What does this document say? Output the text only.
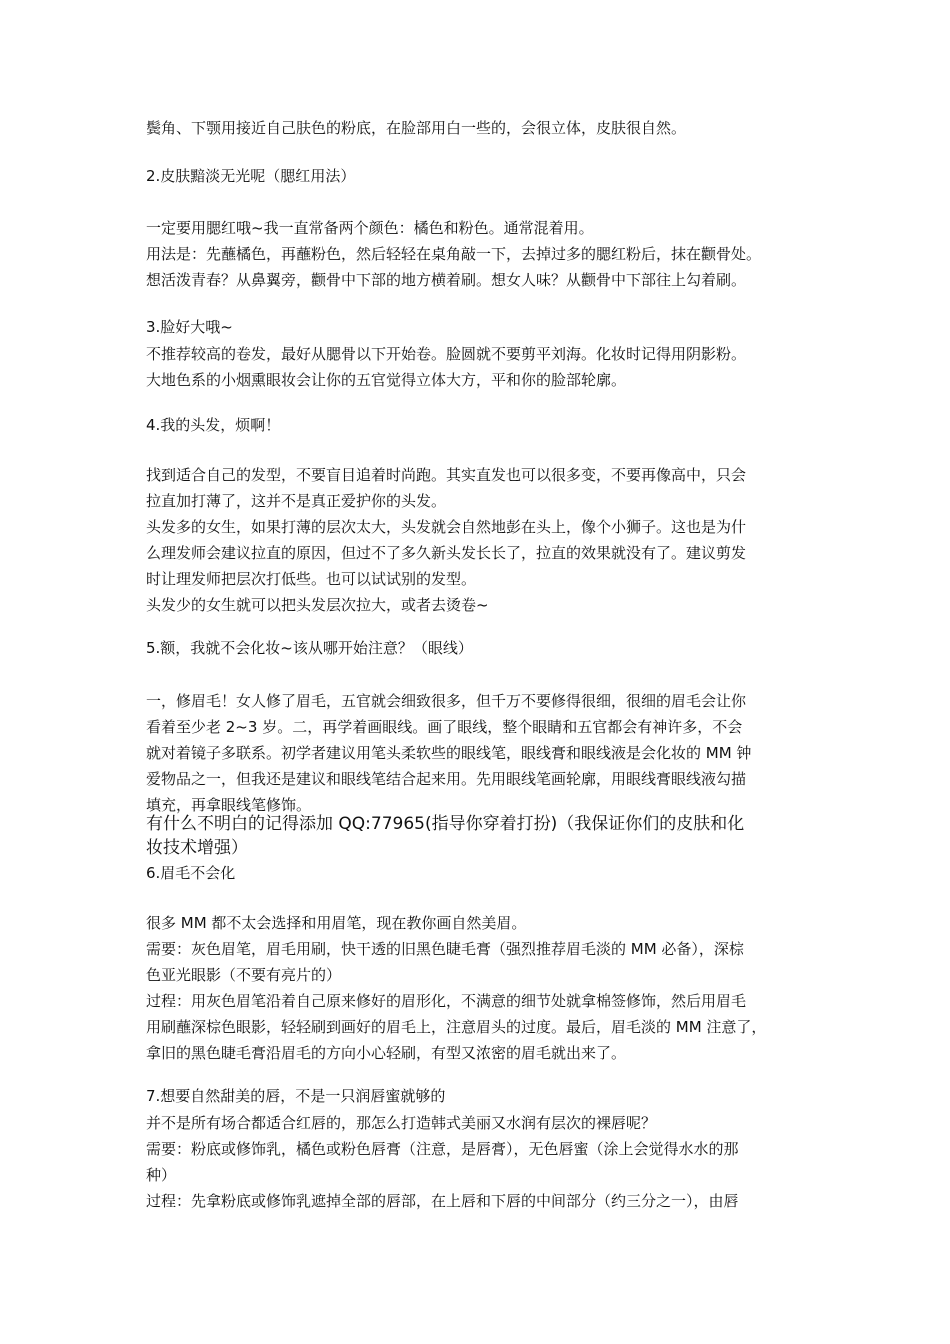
鬓角、下颚用接近自己肤色的粉底，在脸部用白一些的，会很立体，皮肤很自然。

2.皮肤黯淡无光呢（腮红用法）

一定要用腮红哦~我一直常备两个颜色：橘色和粉色。通常混着用。
用法是：先蘸橘色，再蘸粉色，然后轻轻在桌角敲一下，去掉过多的腮红粉后，抹在颧骨处。
想活泼青春？从鼻翼旁，颧骨中下部的地方横着刷。想女人味？从颧骨中下部往上勾着刷。

3.脸好大哦~

不推荐较高的卷发，最好从腮骨以下开始卷。脸圆就不要剪平刘海。化妆时记得用阴影粉。
大地色系的小烟熏眼妆会让你的五官觉得立体大方，平和你的脸部轮廓。

4.我的头发，烦啊！

找到适合自己的发型，不要盲目追着时尚跑。其实直发也可以很多变，不要再像高中，只会
拉直加打薄了，这并不是真正爱护你的头发。
头发多的女生，如果打薄的层次太大，头发就会自然地彭在头上，像个小狮子。这也是为什
么理发师会建议拉直的原因，但过不了多久新头发长长了，拉直的效果就没有了。建议剪发
时让理发师把层次打低些。也可以试试别的发型。
头发少的女生就可以把头发层次拉大，或者去烫卷~

5.额，我就不会化妆~该从哪开始注意？（眼线）

一，修眉毛！女人修了眉毛，五官就会细致很多，但千万不要修得很细，很细的眉毛会让你
看着至少老 2~3 岁。二，再学着画眼线。画了眼线，整个眼睛和五官都会有神许多，不会
就对着镜子多联系。初学者建议用笔头柔软些的眼线笔，眼线膏和眼线液是会化妆的 MM 钟
爱物品之一，但我还是建议和眼线笔结合起来用。先用眼线笔画轮廓，用眼线膏眼线液勾描
填充，再拿眼线笔修饰。
有什么不明白的记得添加 QQ:77965(指导你穿着打扮)（我保证你们的皮肤和化
妆技术增强）

6.眉毛不会化

很多 MM 都不太会选择和用眉笔，现在教你画自然美眉。
需要：灰色眉笔，眉毛用刷，快干透的旧黑色睫毛膏（强烈推荐眉毛淡的 MM 必备），深棕
色亚光眼影（不要有亮片的）
过程：用灰色眉笔沿着自己原来修好的眉形化，不满意的细节处就拿棉签修饰，然后用眉毛
用刷蘸深棕色眼影，轻轻刷到画好的眉毛上，注意眉头的过度。最后，眉毛淡的 MM 注意了，
拿旧的黑色睫毛膏沿眉毛的方向小心轻刷，有型又浓密的眉毛就出来了。

7.想要自然甜美的唇，不是一只润唇蜜就够的

并不是所有场合都适合红唇的，那怎么打造韩式美丽又水润有层次的裸唇呢？
需要：粉底或修饰乳，橘色或粉色唇膏（注意，是唇膏），无色唇蜜（涂上会觉得水水的那
种）
过程：先拿粉底或修饰乳遮掉全部的唇部，在上唇和下唇的中间部分（约三分之一），由唇
